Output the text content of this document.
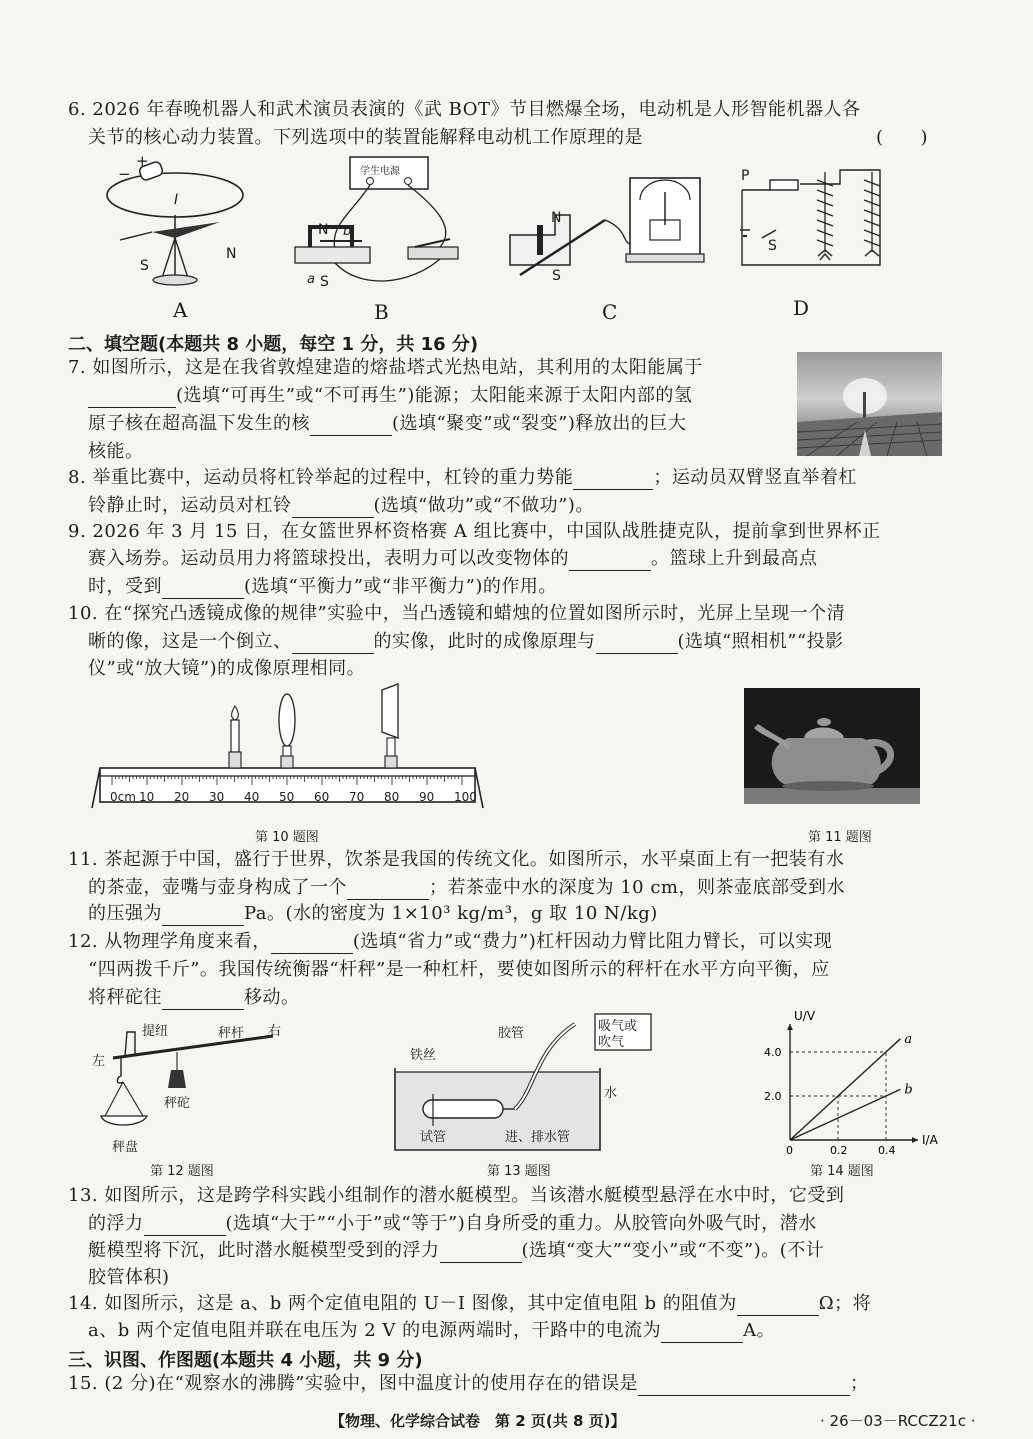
6. 2026 年春晚机器人和武术演员表演的《武 BOT》节目燃爆全场，电动机是人形智能机器人各
关节的核心动力装置。下列选项中的装置能解释电动机工作原理的是	(　　)
+
−
I
S
N
A
学生电源
N b
a S
B
N
S
C
P
S
D
二、填空题(本题共 8 小题，每空 1 分，共 16 分)
7. 如图所示，这是在我省敦煌建造的熔盐塔式光热电站，其利用的太阳能属于
(选填“可再生”或“不可再生”)能源；太阳能来源于太阳内部的氢
原子核在超高温下发生的核	(选填“聚变”或“裂变”)释放出的巨大
核能。
8. 举重比赛中，运动员将杠铃举起的过程中，杠铃的重力势能	；运动员双臂竖直举着杠
铃静止时，运动员对杠铃	(选填“做功”或“不做功”)。
9. 2026 年 3 月 15 日，在女篮世界杯资格赛 A 组比赛中，中国队战胜捷克队，提前拿到世界杯正
赛入场券。运动员用力将篮球投出，表明力可以改变物体的	。篮球上升到最高点
时，受到	(选填“平衡力”或“非平衡力”)的作用。
10. 在“探究凸透镜成像的规律”实验中，当凸透镜和蜡烛的位置如图所示时，光屏上呈现一个清
晰的像，这是一个倒立、	的实像，此时的成像原理与	(选填“照相机”“投影
仪”或“放大镜”)的成像原理相同。
0cm 10 20 30 40 50 60 70 80 90 100
第 10 题图	第 11 题图
11. 茶起源于中国，盛行于世界，饮茶是我国的传统文化。如图所示，水平桌面上有一把装有水
的茶壶，壶嘴与壶身构成了一个	；若茶壶中水的深度为 10 cm，则茶壶底部受到水
的压强为	Pa。(水的密度为 1×10³ kg/m³，g 取 10 N/kg)
12. 从物理学角度来看，	(选填“省力”或“费力”)杠杆因动力臂比阻力臂长，可以实现
“四两拨千斤”。我国传统衡器“杆秤”是一种杠杆，要使如图所示的秤杆在水平方向平衡，应
将秤砣往	移动。
提纽	秤杆 右
左
秤砣
秤盘
第 12 题图
胶管	吸气或
吹气
铁丝
水
试管	进、排水管
第 13 题图
a
b
4.0
2.0
0	0.2	0.4
U/V
I/A
第 14 题图
13. 如图所示，这是跨学科实践小组制作的潜水艇模型。当该潜水艇模型悬浮在水中时，它受到
的浮力	(选填“大于”“小于”或“等于”)自身所受的重力。从胶管向外吸气时，潜水
艇模型将下沉，此时潜水艇模型受到的浮力	(选填“变大”“变小”或“不变”)。(不计
胶管体积)
14. 如图所示，这是 a、b 两个定值电阻的 U－I 图像，其中定值电阻 b 的阻值为	Ω；将
a、b 两个定值电阻并联在电压为 2 V 的电源两端时，干路中的电流为	A。
三、识图、作图题(本题共 4 小题，共 9 分)
15. (2 分)在“观察水的沸腾”实验中，图中温度计的使用存在的错误是	；
【物理、化学综合试卷　第 2 页(共 8 页)】	· 26－03－RCCZ21c ·
